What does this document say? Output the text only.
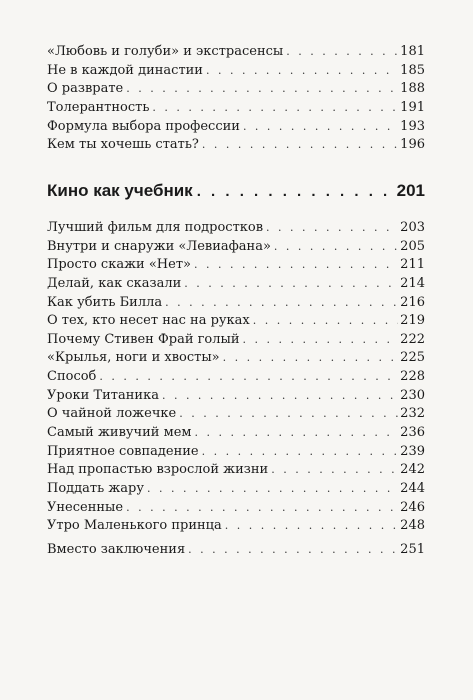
«Любовь и голуби» и экстрасенсы . . .	181
Не в каждой династии . . .	185
О разврате . . .	188
Толерантность . . .	191
Формула выбора профессии . . .	193
Кем ты хочешь стать? . . .	196
Кино как учебник . . .	201
Лучший фильм для подростков . . .	203
Внутри и снаружи «Левиафана» . . .	205
Просто скажи «Нет» . . .	211
Делай, как сказали . . .	214
Как убить Билла . . .	216
О тех, кто несет нас на руках . . .	219
Почему Стивен Фрай голый . . .	222
«Крылья, ноги и хвосты» . . .	225
Способ . . .	228
Уроки Титаника . . .	230
О чайной ложечке . . .	232
Самый живучий мем . . .	236
Приятное совпадение . . .	239
Над пропастью взрослой жизни . . .	242
Поддать жару . . .	244
Унесенные . . .	246
Утро Маленького принца . . .	248
Вместо заключения . . .	251
